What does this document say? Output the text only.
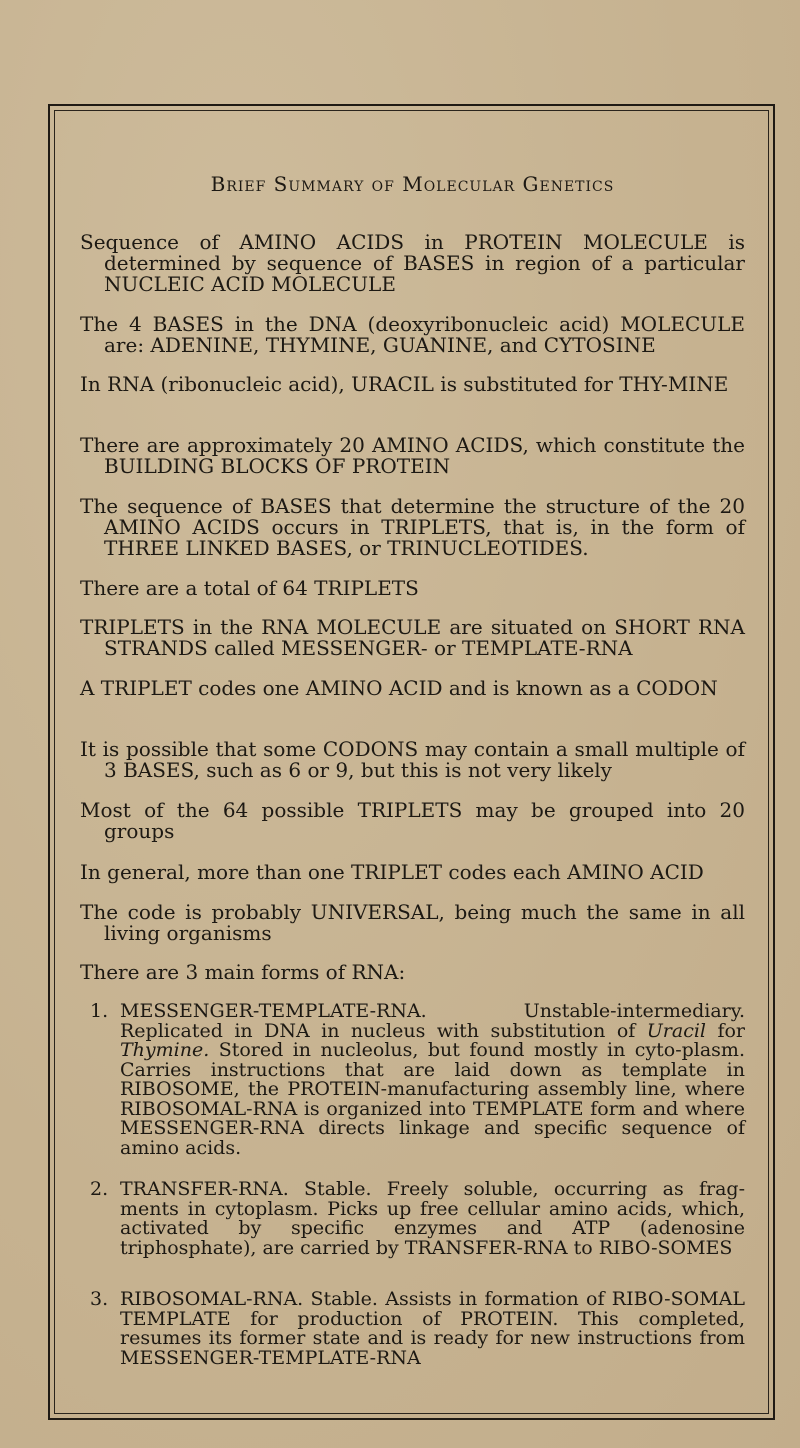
Brief Summary of Molecular Genetics
Sequence of AMINO ACIDS in PROTEIN MOLECULE is determined by sequence of BASES in region of a particular NUCLEIC ACID MOLECULE
The 4 BASES in the DNA (deoxyribonucleic acid) MOLECULE are: ADENINE, THYMINE, GUANINE, and CYTOSINE
In RNA (ribonucleic acid), URACIL is substituted for THY-MINE
There are approximately 20 AMINO ACIDS, which constitute the BUILDING BLOCKS OF PROTEIN
The sequence of BASES that determine the structure of the 20 AMINO ACIDS occurs in TRIPLETS, that is, in the form of THREE LINKED BASES, or TRINUCLEOTIDES.
There are a total of 64 TRIPLETS
TRIPLETS in the RNA MOLECULE are situated on SHORT RNA STRANDS called MESSENGER- or TEMPLATE-RNA
A TRIPLET codes one AMINO ACID and is known as a CODON
It is possible that some CODONS may contain a small multiple of 3 BASES, such as 6 or 9, but this is not very likely
Most of the 64 possible TRIPLETS may be grouped into 20 groups
In general, more than one TRIPLET codes each AMINO ACID
The code is probably UNIVERSAL, being much the same in all living organisms
There are 3 main forms of RNA:
1. MESSENGER-TEMPLATE-RNA. Unstable-intermediary. Replicated in DNA in nucleus with substitution of Uracil for Thymine. Stored in nucleolus, but found mostly in cyto-plasm. Carries instructions that are laid down as template in RIBOSOME, the PROTEIN-manufacturing assembly line, where RIBOSOMAL-RNA is organized into TEMPLATE form and where MESSENGER-RNA directs linkage and specific sequence of amino acids.
2. TRANSFER-RNA. Stable. Freely soluble, occurring as frag-ments in cytoplasm. Picks up free cellular amino acids, which, activated by specific enzymes and ATP (adenosine triphosphate), are carried by TRANSFER-RNA to RIBO-SOMES
3. RIBOSOMAL-RNA. Stable. Assists in formation of RIBO-SOMAL TEMPLATE for production of PROTEIN. This completed, resumes its former state and is ready for new instructions from MESSENGER-TEMPLATE-RNA
